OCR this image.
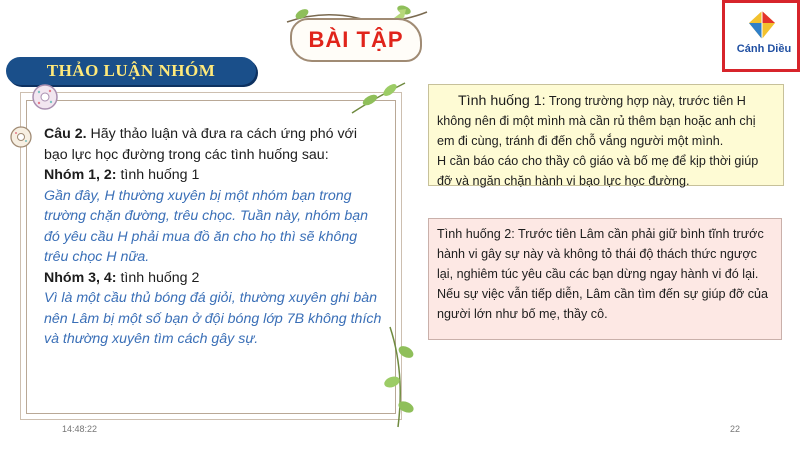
BÀI TẬP	Cánh Diều
THẢO LUẬN NHÓM

Câu 2. Hãy thảo luận và đưa ra cách ứng phó với bạo lực học đường trong các tình huống sau:

Nhóm 1, 2: tình huống 1

Gần đây, H thường xuyên bị một nhóm bạn trong trường chặn đường, trêu chọc. Tuần này, nhóm bạn đó yêu cầu H phải mua đồ ăn cho họ thì sẽ không trêu chọc H nữa.

Nhóm 3, 4: tình huống 2

Vì là một cầu thủ bóng đá giỏi, thường xuyên ghi bàn nên Lâm bị một số bạn ở đội bóng lớp 7B không thích và thường xuyên tìm cách gây sự.

Tình huống 1: Trong trường hợp này, trước tiên H không nên đi một mình mà cần rủ thêm bạn hoặc anh chị em đi cùng, tránh đi đến chỗ vắng người một mình.

H cần báo cáo cho thầy cô giáo và bố mẹ để kịp thời giúp đỡ và ngăn chặn hành vi bạo lực học đường.

Tình huống 2: Trước tiên Lâm cần phải giữ bình tĩnh trước hành vi gây sự này và không tỏ thái độ thách thức ngược lại, nghiêm túc yêu cầu các bạn dừng ngay hành vi đó lại.

Nếu sự việc vẫn tiếp diễn, Lâm cần tìm đến sự giúp đỡ của người lớn như bố mẹ, thầy cô.

14:48:22	22
